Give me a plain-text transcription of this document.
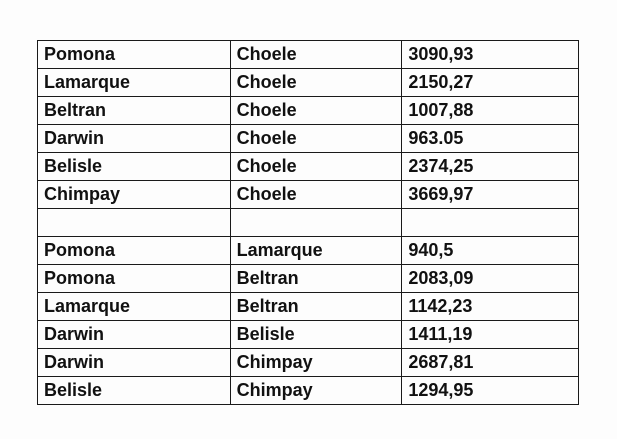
Pomona	Choele	3090,93
Lamarque	Choele	2150,27
Beltran	Choele	1007,88
Darwin	Choele	963.05
Belisle	Choele	2374,25
Chimpay	Choele	3669,97

Pomona	Lamarque	940,5
Pomona	Beltran	2083,09
Lamarque	Beltran	1142,23
Darwin	Belisle	1411,19
Darwin	Chimpay	2687,81
Belisle	Chimpay	1294,95
